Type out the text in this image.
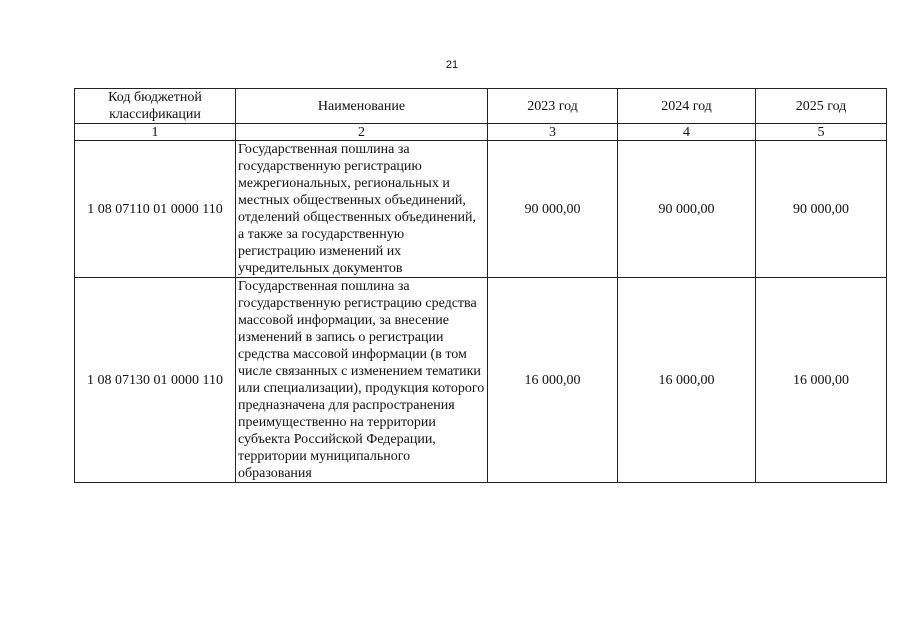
21
Код бюджетной классификации	Наименование	2023 год	2024 год	2025 год
1	2	3	4	5
1 08 07110 01 0000 110	Государственная пошлина за государственную регистрацию межрегиональных, региональных и местных общественных объединений, отделений общественных объединений, а также за государственную регистрацию изменений их учредительных документов	90 000,00	90 000,00	90 000,00
1 08 07130 01 0000 110	Государственная пошлина за государственную регистрацию средства массовой информации, за внесение изменений в запись о регистрации средства массовой информации (в том числе связанных с изменением тематики или специализации), продукция которого предназначена для распространения преимущественно на территории субъекта Российской Федерации, территории муниципального образования	16 000,00	16 000,00	16 000,00
